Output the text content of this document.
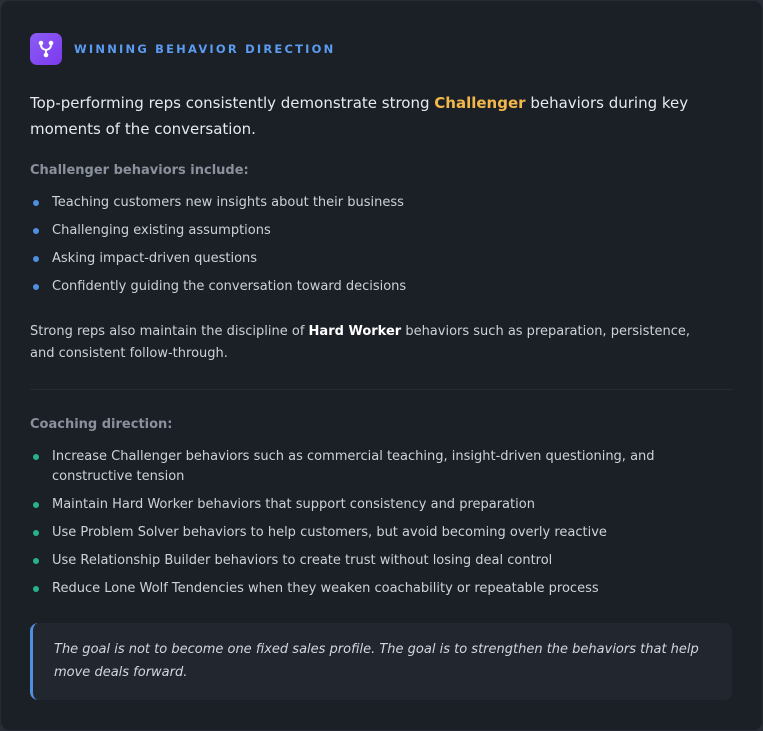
WINNING BEHAVIOR DIRECTION
Top-performing reps consistently demonstrate strong Challenger behaviors during key moments of the conversation.
Challenger behaviors include:
Teaching customers new insights about their business
Challenging existing assumptions
Asking impact-driven questions
Confidently guiding the conversation toward decisions
Strong reps also maintain the discipline of Hard Worker behaviors such as preparation, persistence, and consistent follow-through.
Coaching direction:
Increase Challenger behaviors such as commercial teaching, insight-driven questioning, and constructive tension
Maintain Hard Worker behaviors that support consistency and preparation
Use Problem Solver behaviors to help customers, but avoid becoming overly reactive
Use Relationship Builder behaviors to create trust without losing deal control
Reduce Lone Wolf Tendencies when they weaken coachability or repeatable process
The goal is not to become one fixed sales profile. The goal is to strengthen the behaviors that help move deals forward.
